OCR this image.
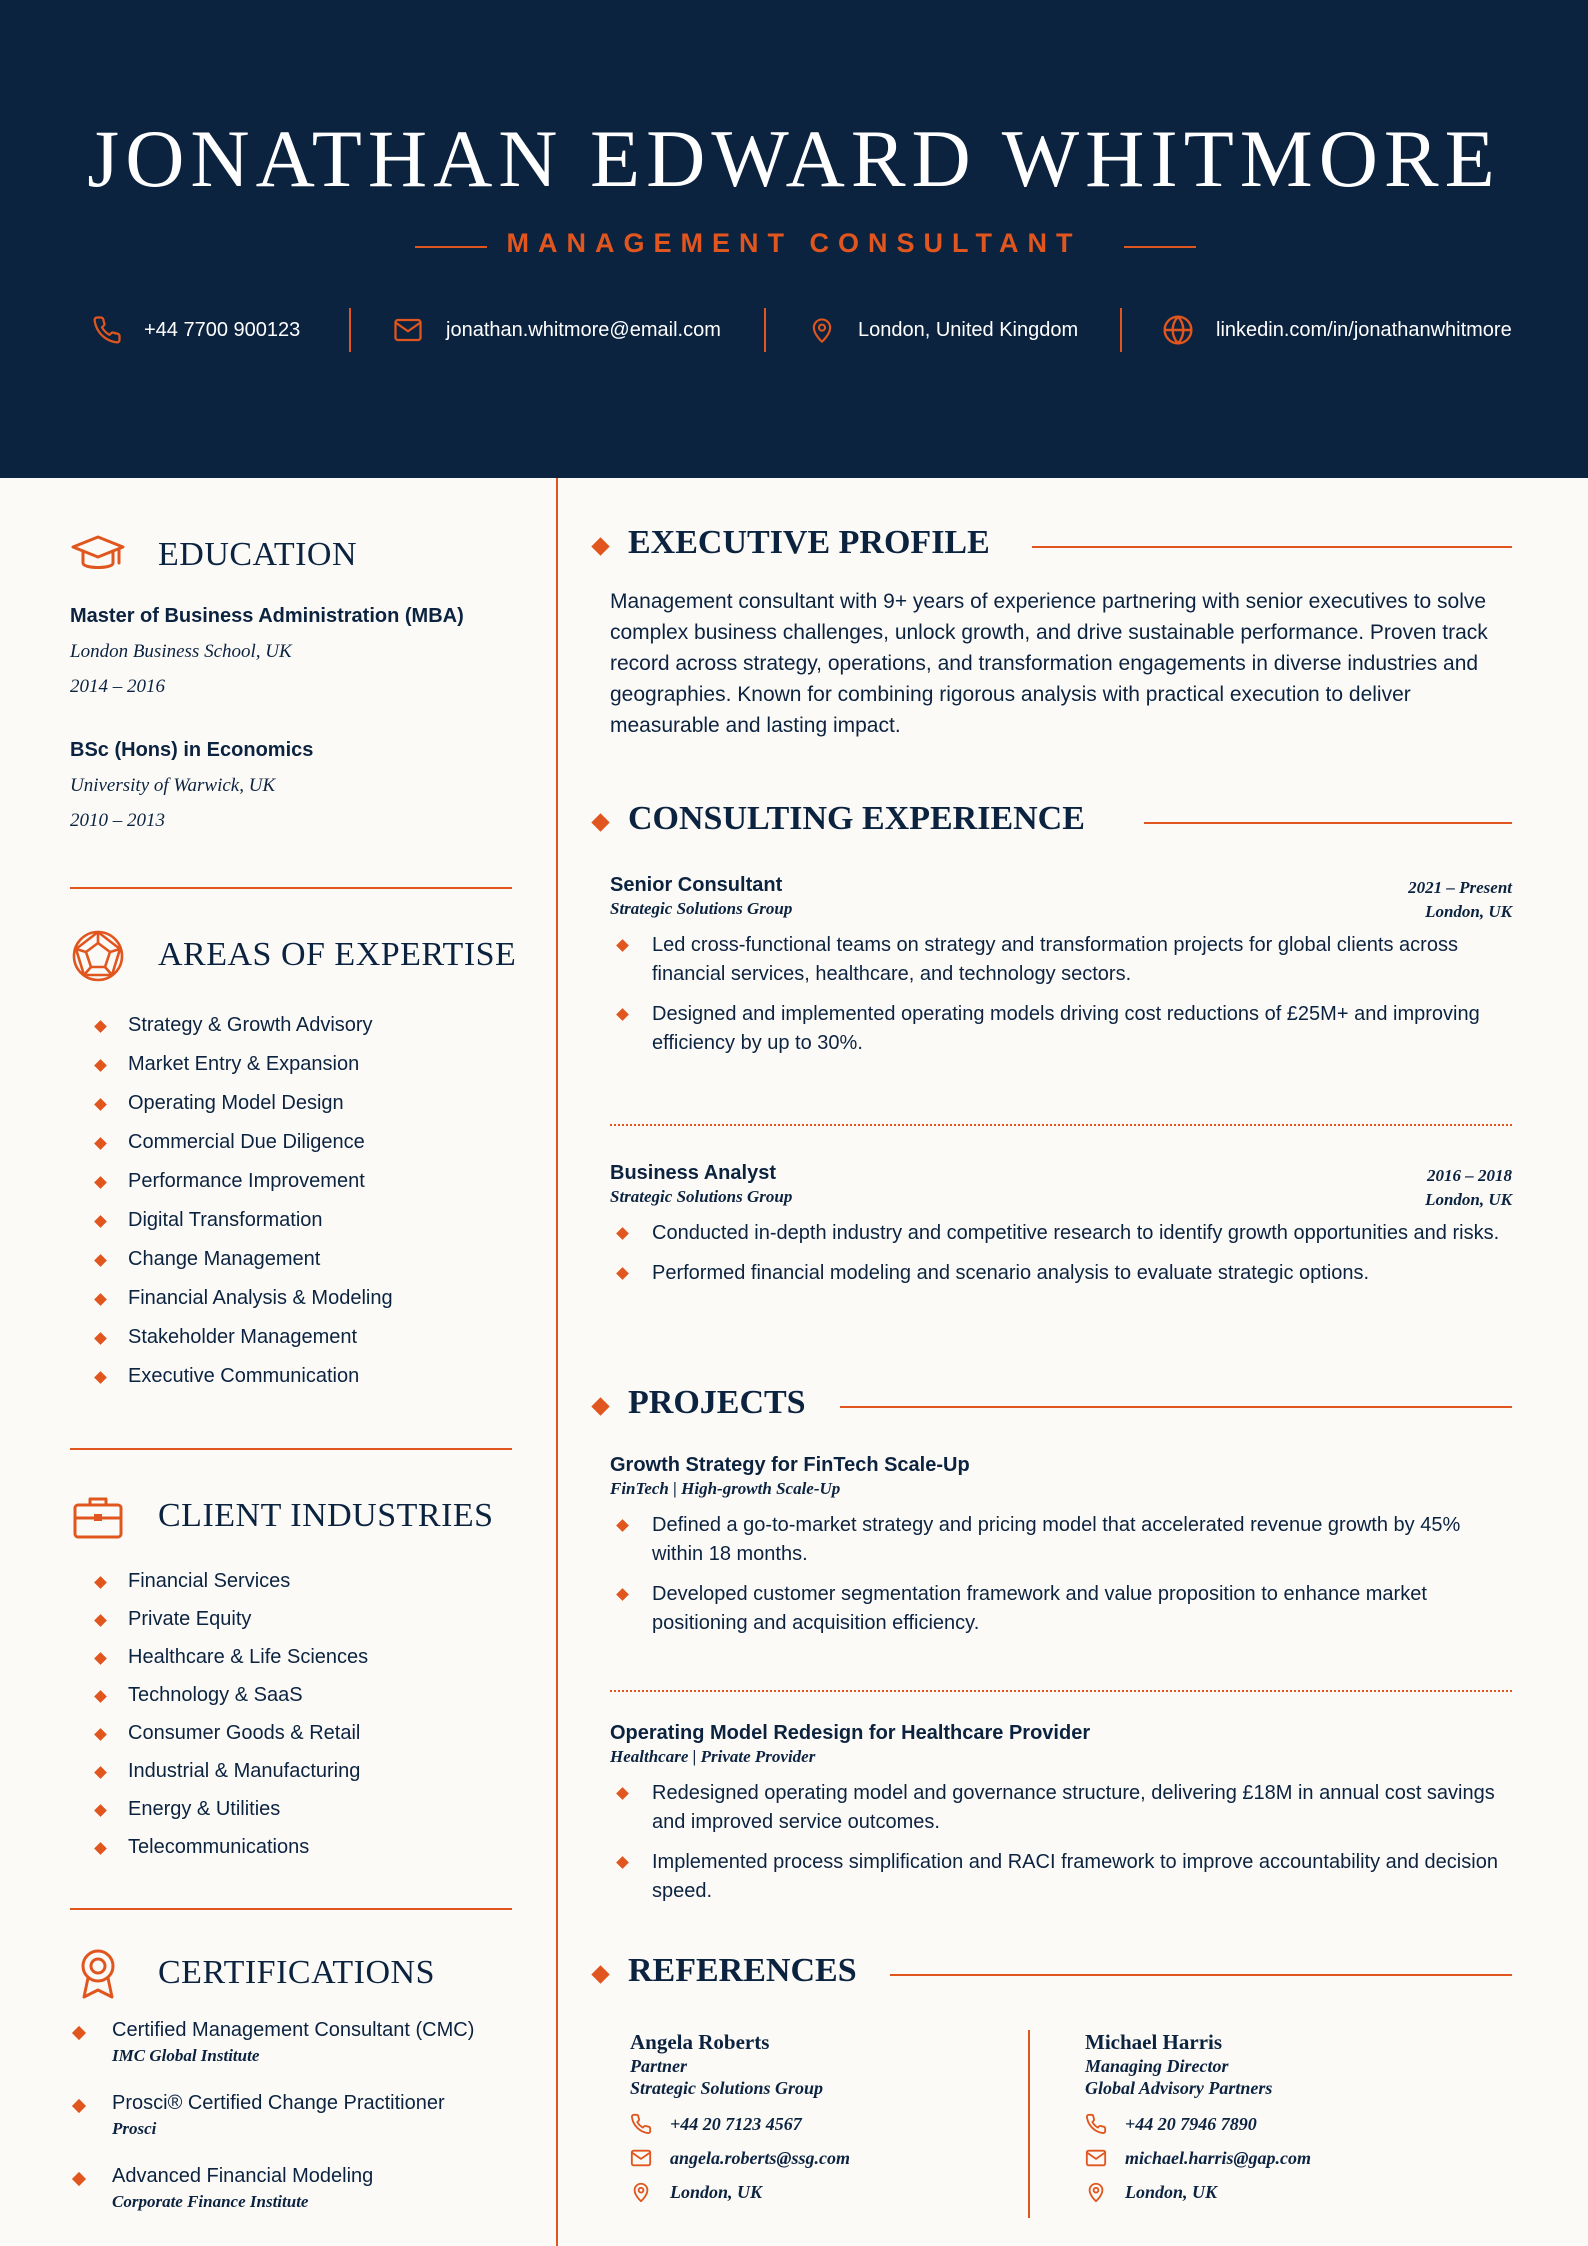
JONATHAN EDWARD WHITMORE
MANAGEMENT CONSULTANT
+44 7700 900123	jonathan.whitmore@email.com	London, United Kingdom	linkedin.com/in/jonathanwhitmore
EDUCATION
Master of Business Administration (MBA)
London Business School, UK
2014 – 2016
BSc (Hons) in Economics
University of Warwick, UK
2010 – 2013
AREAS OF EXPERTISE
Strategy & Growth Advisory
Market Entry & Expansion
Operating Model Design
Commercial Due Diligence
Performance Improvement
Digital Transformation
Change Management
Financial Analysis & Modeling
Stakeholder Management
Executive Communication
CLIENT INDUSTRIES
Financial Services
Private Equity
Healthcare & Life Sciences
Technology & SaaS
Consumer Goods & Retail
Industrial & Manufacturing
Energy & Utilities
Telecommunications
CERTIFICATIONS
Certified Management Consultant (CMC)
IMC Global Institute
Prosci® Certified Change Practitioner
Prosci
Advanced Financial Modeling
Corporate Finance Institute
EXECUTIVE PROFILE
Management consultant with 9+ years of experience partnering with senior executives to solve complex business challenges, unlock growth, and drive sustainable performance. Proven track record across strategy, operations, and transformation engagements in diverse industries and geographies. Known for combining rigorous analysis with practical execution to deliver measurable and lasting impact.
CONSULTING EXPERIENCE
Senior Consultant
Strategic Solutions Group
2021 – Present
London, UK
Led cross-functional teams on strategy and transformation projects for global clients across financial services, healthcare, and technology sectors.
Designed and implemented operating models driving cost reductions of £25M+ and improving efficiency by up to 30%.
Business Analyst
Strategic Solutions Group
2016 – 2018
London, UK
Conducted in-depth industry and competitive research to identify growth opportunities and risks.
Performed financial modeling and scenario analysis to evaluate strategic options.
PROJECTS
Growth Strategy for FinTech Scale-Up
FinTech | High-growth Scale-Up
Defined a go-to-market strategy and pricing model that accelerated revenue growth by 45% within 18 months.
Developed customer segmentation framework and value proposition to enhance market positioning and acquisition efficiency.
Operating Model Redesign for Healthcare Provider
Healthcare | Private Provider
Redesigned operating model and governance structure, delivering £18M in annual cost savings and improved service outcomes.
Implemented process simplification and RACI framework to improve accountability and decision speed.
REFERENCES
Angela Roberts
Partner
Strategic Solutions Group
+44 20 7123 4567
angela.roberts@ssg.com
London, UK
Michael Harris
Managing Director
Global Advisory Partners
+44 20 7946 7890
michael.harris@gap.com
London, UK
